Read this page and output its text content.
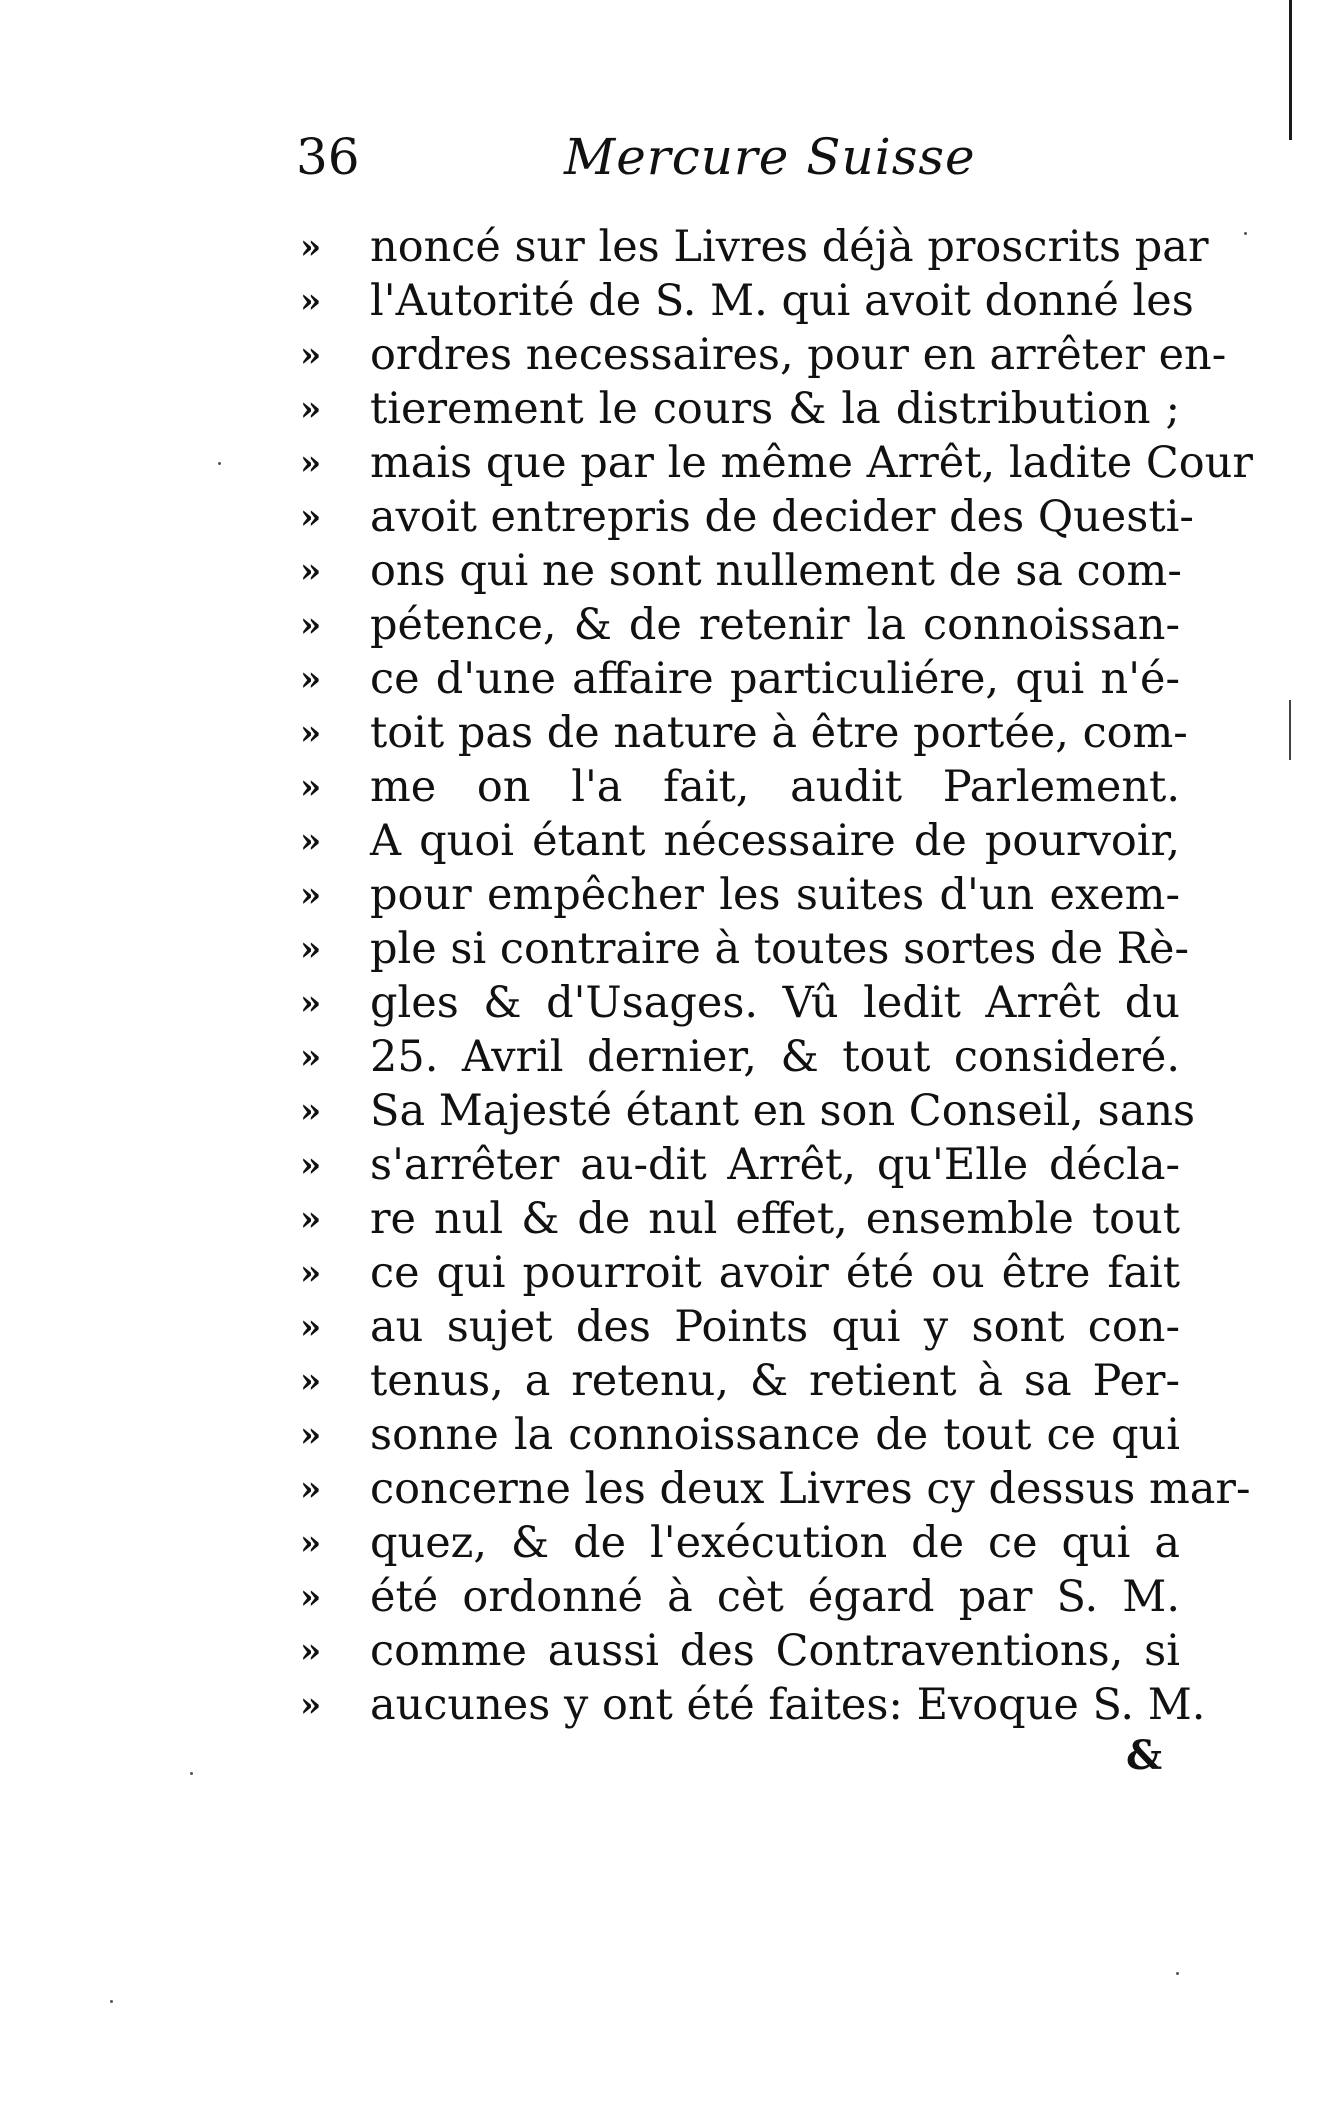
36	Mercure Suisse
»	noncé sur les Livres déjà proscrits par
»	l'Autorité de S. M. qui avoit donné les
»	ordres necessaires, pour en arrêter en-
»	tierement le cours & la distribution ;
»	mais que par le même Arrêt, ladite Cour
»	avoit entrepris de decider des Questi-
»	ons qui ne sont nullement de sa com-
»	pétence, & de retenir la connoissan-
»	ce d'une affaire particuliére, qui n'é-
»	toit pas de nature à être portée, com-
»	me on l'a fait, audit Parlement.
»	A quoi étant nécessaire de pourvoir,
»	pour empêcher les suites d'un exem-
»	ple si contraire à toutes sortes de Rè-
»	gles & d'Usages. Vû ledit Arrêt du
»	25. Avril dernier, & tout consideré.
»	Sa Majesté étant en son Conseil, sans
»	s'arrêter au-dit Arrêt, qu'Elle décla-
»	re nul & de nul effet, ensemble tout
»	ce qui pourroit avoir été ou être fait
»	au sujet des Points qui y sont con-
»	tenus, a retenu, & retient à sa Per-
»	sonne la connoissance de tout ce qui
»	concerne les deux Livres cy dessus mar-
»	quez, & de l'exécution de ce qui a
»	été ordonné à cèt égard par S. M.
»	comme aussi des Contraventions, si
»	aucunes y ont été faites: Evoque S. M.
&
